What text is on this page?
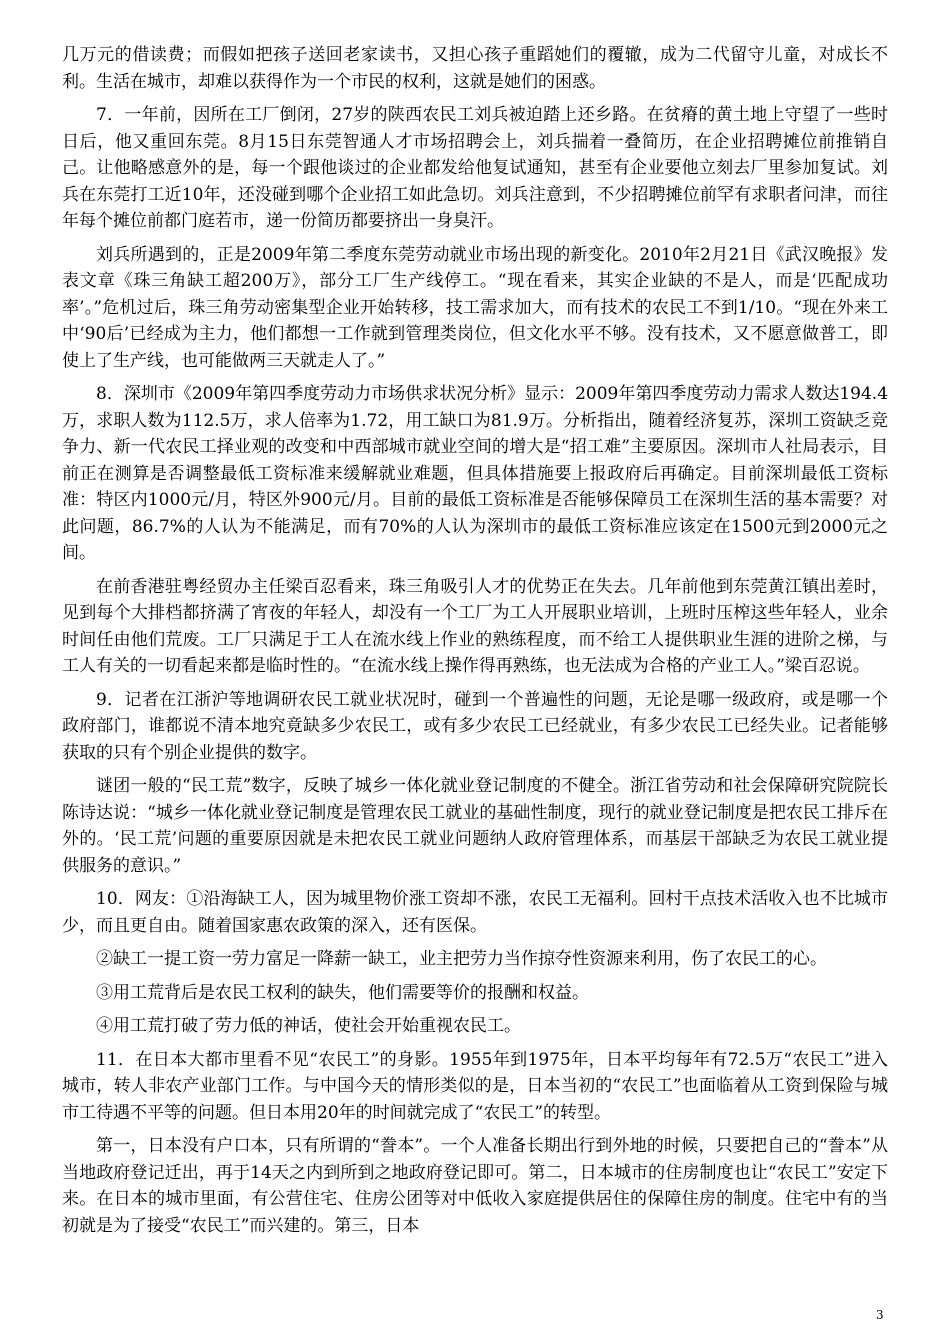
几万元的借读费；而假如把孩子送回老家读书，又担心孩子重蹈她们的覆辙，成为二代留守儿童，对成长不利。生活在城市，却难以获得作为一个市民的权利，这就是她们的困惑。

7．一年前，因所在工厂倒闭，27岁的陕西农民工刘兵被迫踏上还乡路。在贫瘠的黄土地上守望了一些时日后，他又重回东莞。8月15日东莞智通人才市场招聘会上，刘兵揣着一叠简历，在企业招聘摊位前推销自己。让他略感意外的是，每一个跟他谈过的企业都发给他复试通知，甚至有企业要他立刻去厂里参加复试。刘兵在东莞打工近10年，还没碰到哪个企业招工如此急切。刘兵注意到，不少招聘摊位前罕有求职者问津，而往年每个摊位前都门庭若市，递一份简历都要挤出一身臭汗。

刘兵所遇到的，正是2009年第二季度东莞劳动就业市场出现的新变化。2010年2月21日《武汉晚报》发表文章《珠三角缺工超200万》，部分工厂生产线停工。“现在看来，其实企业缺的不是人，而是‘匹配成功率’。”危机过后，珠三角劳动密集型企业开始转移，技工需求加大，而有技术的农民工不到1/10。“现在外来工中‘90后’已经成为主力，他们都想一工作就到管理类岗位，但文化水平不够。没有技术，又不愿意做普工，即使上了生产线，也可能做两三天就走人了。”

8．深圳市《2009年第四季度劳动力市场供求状况分析》显示：2009年第四季度劳动力需求人数达194.4万，求职人数为112.5万，求人倍率为1.72，用工缺口为81.9万。分析指出，随着经济复苏，深圳工资缺乏竞争力、新一代农民工择业观的改变和中西部城市就业空间的增大是“招工难”主要原因。深圳市人社局表示，目前正在测算是否调整最低工资标准来缓解就业难题，但具体措施要上报政府后再确定。目前深圳最低工资标准：特区内1000元/月，特区外900元/月。目前的最低工资标准是否能够保障员工在深圳生活的基本需要？对此问题，86.7%的人认为不能满足，而有70%的人认为深圳市的最低工资标准应该定在1500元到2000元之间。

在前香港驻粤经贸办主任梁百忍看来，珠三角吸引人才的优势正在失去。几年前他到东莞黄江镇出差时，见到每个大排档都挤满了宵夜的年轻人，却没有一个工厂为工人开展职业培训，上班时压榨这些年轻人，业余时间任由他们荒废。工厂只满足于工人在流水线上作业的熟练程度，而不给工人提供职业生涯的进阶之梯，与工人有关的一切看起来都是临时性的。“在流水线上操作得再熟练，也无法成为合格的产业工人。”梁百忍说。

9．记者在江浙沪等地调研农民工就业状况时，碰到一个普遍性的问题，无论是哪一级政府，或是哪一个政府部门，谁都说不清本地究竟缺多少农民工，或有多少农民工已经就业，有多少农民工已经失业。记者能够获取的只有个别企业提供的数字。

谜团一般的“民工荒”数字，反映了城乡一体化就业登记制度的不健全。浙江省劳动和社会保障研究院院长陈诗达说：“城乡一体化就业登记制度是管理农民工就业的基础性制度，现行的就业登记制度是把农民工排斥在外的。‘民工荒’问题的重要原因就是未把农民工就业问题纳人政府管理体系，而基层干部缺乏为农民工就业提供服务的意识。”

10．网友：①沿海缺工人，因为城里物价涨工资却不涨，农民工无福利。回村干点技术活收入也不比城市少，而且更自由。随着国家惠农政策的深入，还有医保。

②缺工一提工资一劳力富足一降薪一缺工，业主把劳力当作掠夺性资源来利用，伤了农民工的心。

③用工荒背后是农民工权利的缺失，他们需要等价的报酬和权益。

④用工荒打破了劳力低的神话，使社会开始重视农民工。

11．在日本大都市里看不见“农民工”的身影。1955年到1975年，日本平均每年有72.5万“农民工”进入城市，转人非农产业部门工作。与中国今天的情形类似的是，日本当初的“农民工”也面临着从工资到保险与城市工待遇不平等的问题。但日本用20年的时间就完成了“农民工”的转型。

第一，日本没有户口本，只有所谓的“誊本”。一个人准备长期出行到外地的时候，只要把自己的“誊本”从当地政府登记迁出，再于14天之内到所到之地政府登记即可。第二，日本城市的住房制度也让“农民工”安定下来。在日本的城市里面，有公营住宅、住房公团等对中低收入家庭提供居住的保障住房的制度。住宅中有的当初就是为了接受“农民工”而兴建的。第三，日本

3
